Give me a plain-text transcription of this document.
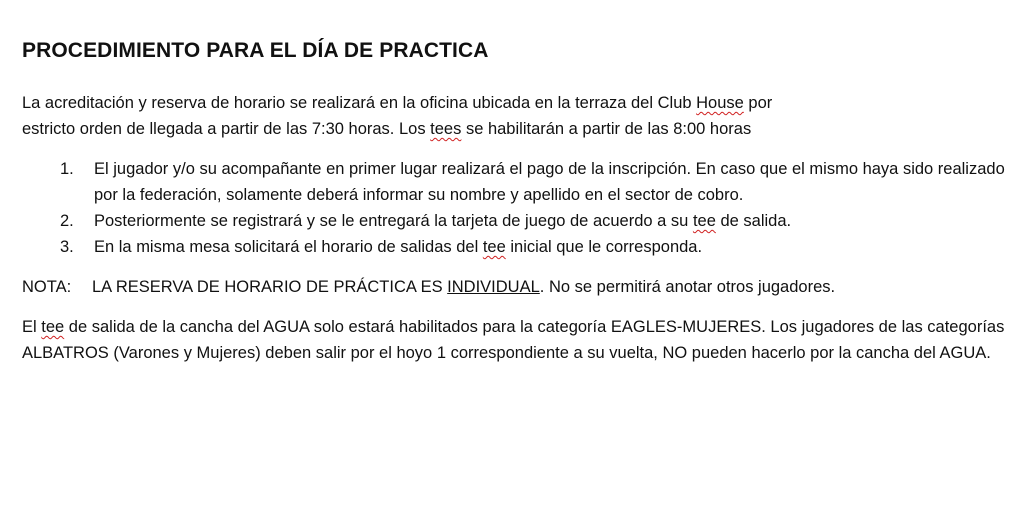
PROCEDIMIENTO PARA EL DÍA DE PRACTICA

La acreditación y reserva de horario se realizará en la oficina ubicada en la terraza del Club House por
estricto orden de llegada a partir de las 7:30 horas. Los tees se habilitarán a partir de las 8:00 horas

1. El jugador y/o su acompañante en primer lugar realizará el pago de la inscripción. En caso que el mismo haya sido realizado por la federación, solamente deberá informar su nombre y apellido en el sector de cobro.
2. Posteriormente se registrará y se le entregará la tarjeta de juego de acuerdo a su tee de salida.
3. En la misma mesa solicitará el horario de salidas del tee inicial que le corresponda.

NOTA: LA RESERVA DE HORARIO DE PRÁCTICA ES INDIVIDUAL. No se permitirá anotar otros jugadores.

El tee de salida de la cancha del AGUA solo estará habilitados para la categoría EAGLES-MUJERES. Los jugadores de las categorías ALBATROS (Varones y Mujeres) deben salir por el hoyo 1 correspondiente a su vuelta, NO pueden hacerlo por la cancha del AGUA.
